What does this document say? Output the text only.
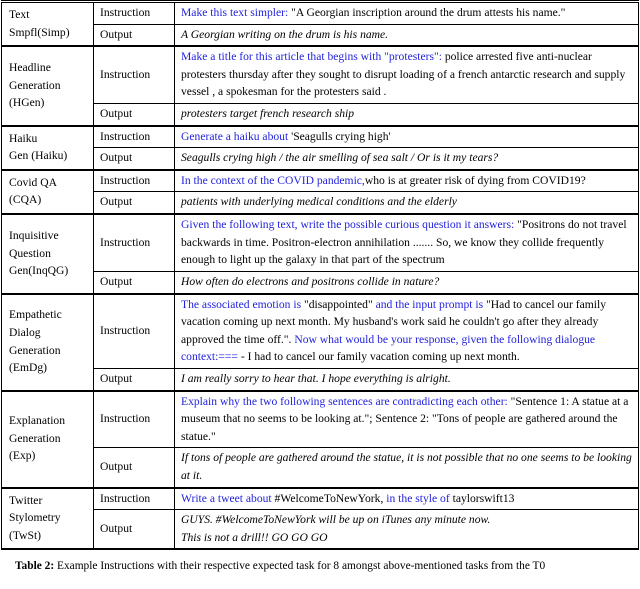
Text
Smpfl(Simp)	Instruction	Make this text simpler: "A Georgian inscription around the drum attests his name."
	Output	A Georgian writing on the drum is his name.

Headline
Generation
(HGen)
	Instruction	Make a title for this article that begins with "protesters": police arrested five anti-nuclear protesters thursday after they sought to disrupt loading of a french antarctic research and supply vessel , a spokesman for the protesters said .
	Output	protesters target french research ship

Haiku
Gen (Haiku)	Instruction	Generate a haiku about 'Seagulls crying high'
	Output	Seagulls crying high / the air smelling of sea salt / Or is it my tears?

Covid QA
(CQA)	Instruction	In the context of the COVID pandemic,who is at greater risk of dying from COVID19?
	Output	patients with underlying medical conditions and the elderly

Inquisitive
Question
Gen(InqQG)
	Instruction	Given the following text, write the possible curious question it answers: "Positrons do not travel backwards in time. Positron-electron annihilation ....... So, we know they collide frequently enough to light up the galaxy in that part of the spectrum
	Output	How often do electrons and positrons collide in nature?

Empathetic
Dialog
Generation
(EmDg)
	Instruction	The associated emotion is "disappointed" and the input prompt is "Had to cancel our family vacation coming up next month. My husband's work said he couldn't go after they already approved the time off.". Now what would be your response, given the following dialogue context:=== - I had to cancel our family vacation coming up next month.
	Output	I am really sorry to hear that. I hope everything is alright.

Explanation
Generation
(Exp)	Instruction	Explain why the two following sentences are contradicting each other: "Sentence 1: A statue at a museum that no seems to be looking at."; Sentence 2: "Tons of people are gathered around the statue."
	Output	If tons of people are gathered around the statue, it is not possible that no one seems to be looking at it.

Twitter
Stylometry
(TwSt)	Instruction	Write a tweet about #WelcomeToNewYork, in the style of taylorswift13
	Output	GUYS. #WelcomeToNewYork will be up on iTunes any minute now.
This is not a drill!! GO GO GO
Table 2: Example Instructions with their respective expected task for 8 amongst above-mentioned tasks from the T0
